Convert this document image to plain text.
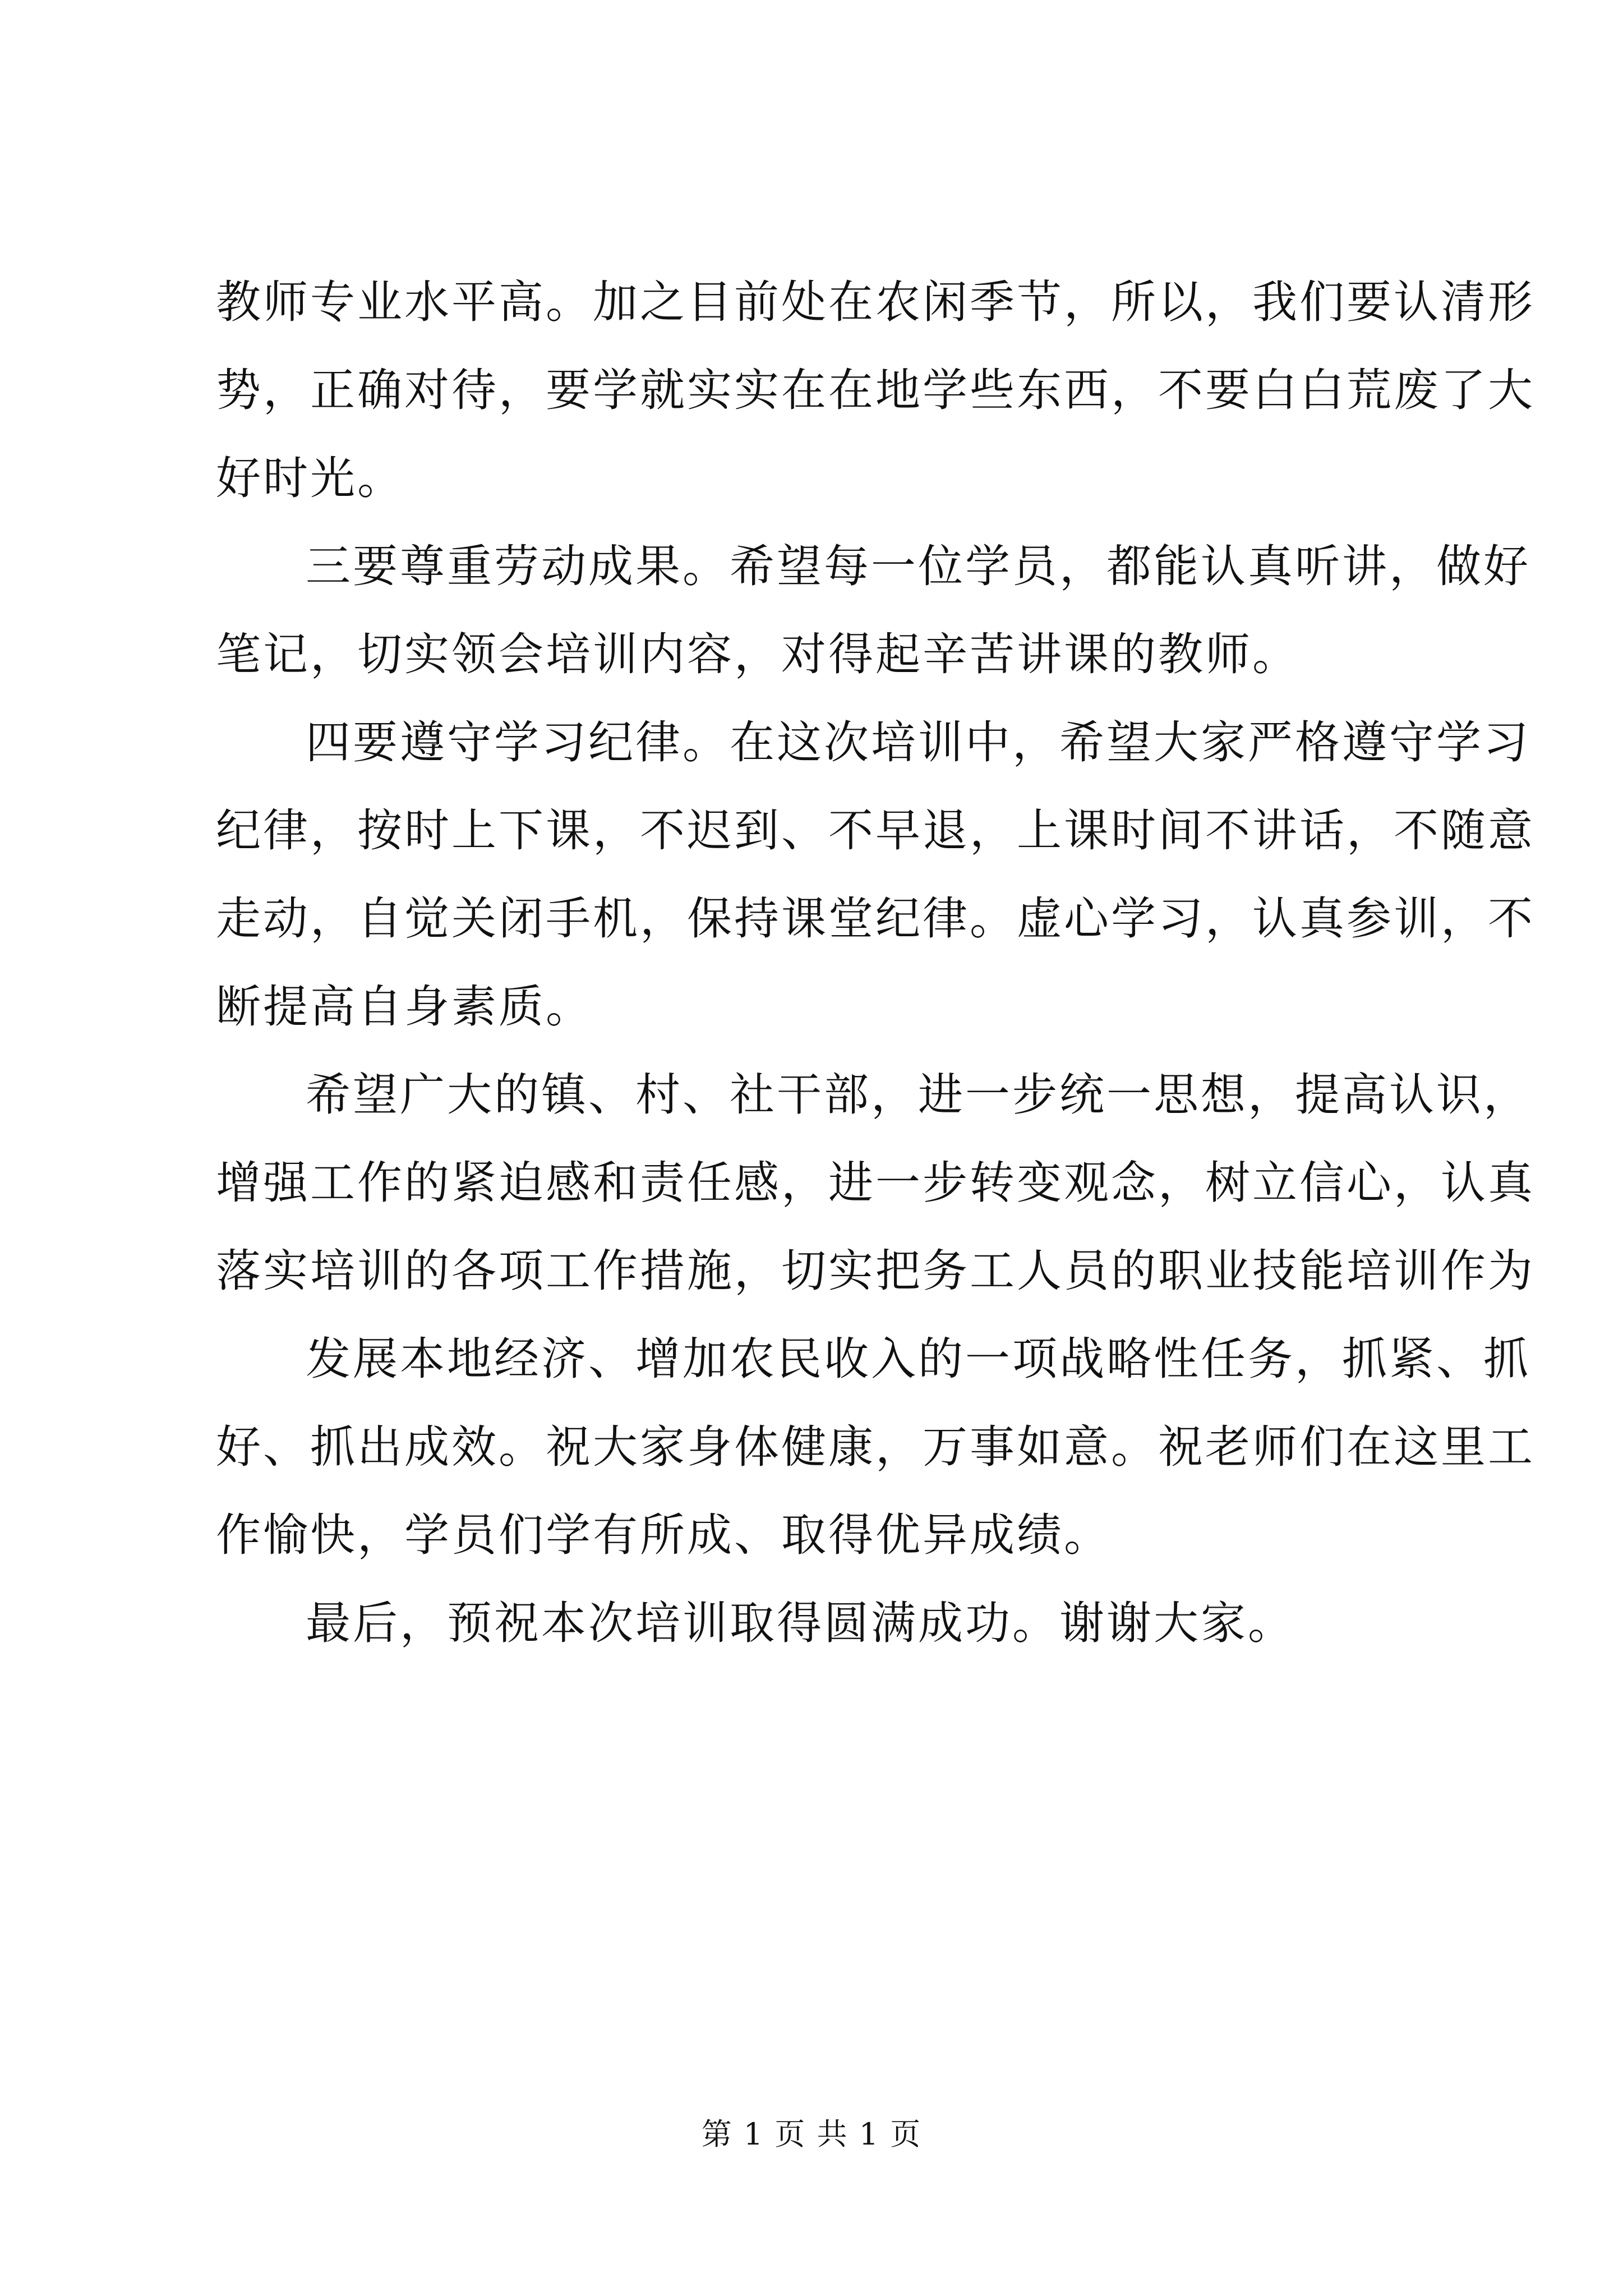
教师专业水平高。加之目前处在农闲季节，所以，我们要认清形
势，正确对待，要学就实实在在地学些东西，不要白白荒废了大
好时光。
三要尊重劳动成果。希望每一位学员，都能认真听讲，做好
笔记，切实领会培训内容，对得起辛苦讲课的教师。
四要遵守学习纪律。在这次培训中，希望大家严格遵守学习
纪律，按时上下课，不迟到、不早退，上课时间不讲话，不随意
走动，自觉关闭手机，保持课堂纪律。虚心学习，认真参训，不
断提高自身素质。
希望广大的镇、村、社干部，进一步统一思想，提高认识，
增强工作的紧迫感和责任感，进一步转变观念，树立信心，认真
落实培训的各项工作措施，切实把务工人员的职业技能培训作为
发展本地经济、增加农民收入的一项战略性任务，抓紧、抓
好、抓出成效。祝大家身体健康，万事如意。祝老师们在这里工
作愉快，学员们学有所成、取得优异成绩。
最后，预祝本次培训取得圆满成功。谢谢大家。
第 1 页 共 1 页
